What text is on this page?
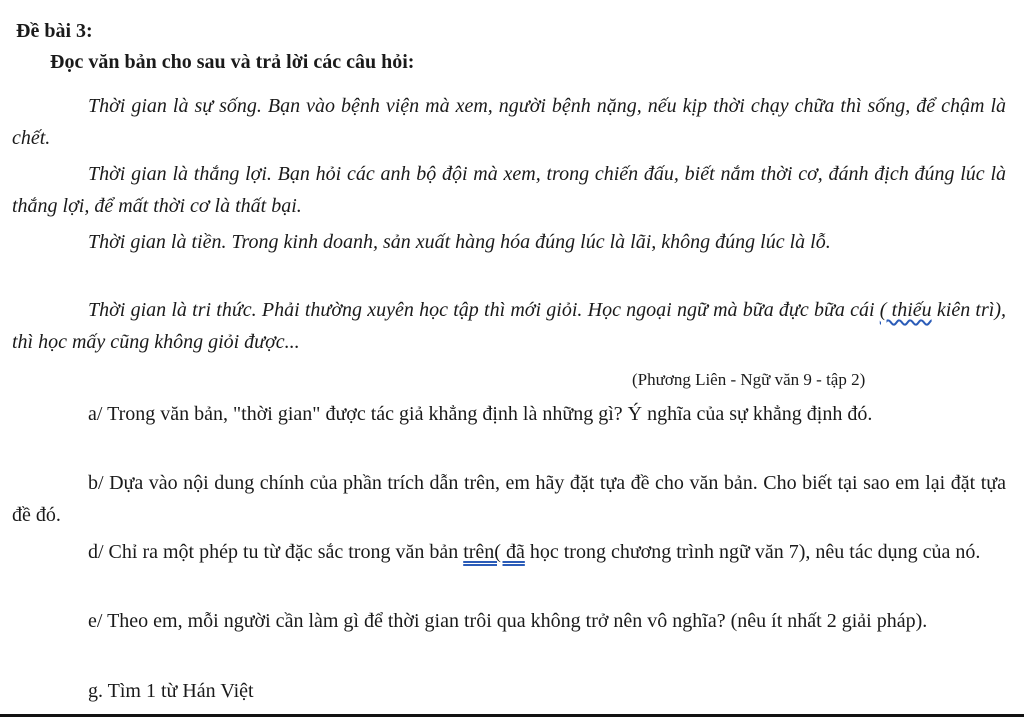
Đề bài 3:
Đọc văn bản cho sau và trả lời các câu hỏi:
Thời gian là sự sống. Bạn vào bệnh viện mà xem, người bệnh nặng, nếu kịp thời chạy chữa thì sống, để chậm là chết.
Thời gian là thắng lợi. Bạn hỏi các anh bộ đội mà xem, trong chiến đấu, biết nắm thời cơ, đánh địch đúng lúc là thắng lợi, để mất thời cơ là thất bại.
Thời gian là tiền. Trong kinh doanh, sản xuất hàng hóa đúng lúc là lãi, không đúng lúc là lỗ.
Thời gian là tri thức. Phải thường xuyên học tập thì mới giỏi. Học ngoại ngữ mà bữa đực bữa cái ( thiếu kiên trì), thì học mấy cũng không giỏi được...
(Phương Liên - Ngữ văn 9 - tập 2)
a/ Trong văn bản, "thời gian" được tác giả khẳng định là những gì? Ý nghĩa của sự khẳng định đó.
b/ Dựa vào nội dung chính của phần trích dẫn trên, em hãy đặt tựa đề cho văn bản. Cho biết tại sao em lại đặt tựa đề đó.
d/ Chỉ ra một phép tu từ đặc sắc trong văn bản trên( đã học trong chương trình ngữ văn 7), nêu tác dụng của nó.
e/ Theo em, mỗi người cần làm gì để thời gian trôi qua không trở nên vô nghĩa? (nêu ít nhất 2 giải pháp).
g. Tìm 1 từ Hán Việt
